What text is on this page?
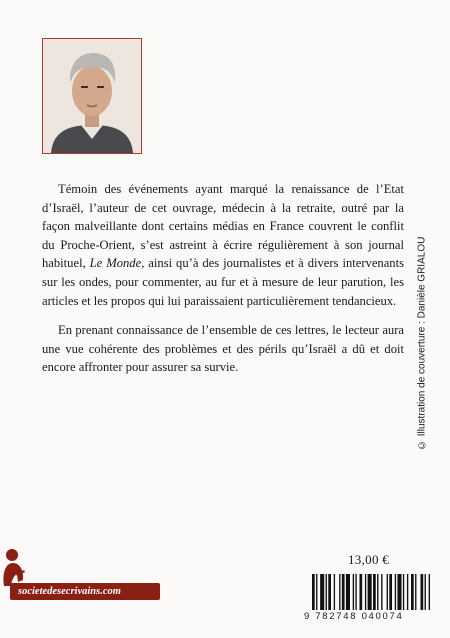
Témoin des événements ayant marqué la renaissance de l’Etat d’Israël, l’auteur de cet ouvrage, médecin à la retraite, outré par la façon malveillante dont certains médias en France couvrent le conflit du Proche-Orient, s’est astreint à écrire régulièrement à son journal habituel, Le Monde, ainsi qu’à des journalistes et à divers intervenants sur les ondes, pour commenter, au fur et à mesure de leur parution, les articles et les propos qui lui paraissaient particulièrement tendancieux.

En prenant connaissance de l’ensemble de ces lettres, le lecteur aura une vue cohérente des problèmes et des périls qu’Israël a dû et doit encore affronter pour assurer sa survie.	© Illustration de couverture : Danièle GRIALOU
societedesecrivains.com
13,00 €
9 782748 040074
